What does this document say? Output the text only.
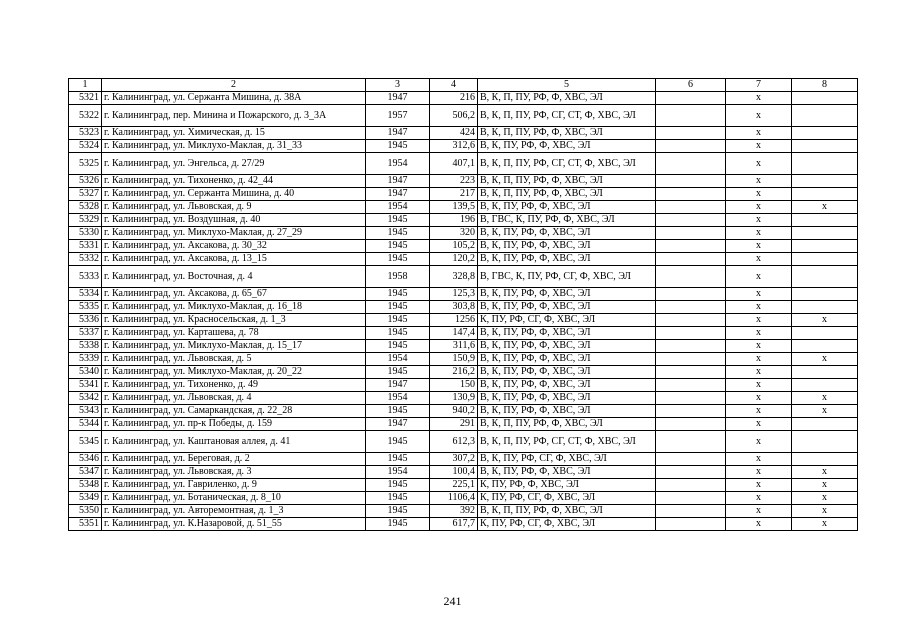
1	2	3	4	5	6	7	8
5321	г. Калининград, ул. Сержанта Мишина, д. 38А	1947	216	В, К, П, ПУ, РФ, Ф, ХВС, ЭЛ		х	
5322	г. Калининград, пер. Минина и Пожарского, д. 3_3А	1957	506,2	В, К, П, ПУ, РФ, СГ, СТ, Ф, ХВС, ЭЛ		х	
5323	г. Калининград, ул. Химическая, д. 15	1947	424	В, К, П, ПУ, РФ, Ф, ХВС, ЭЛ		х	
5324	г. Калининград, ул. Миклухо-Маклая, д. 31_33	1945	312,6	В, К, ПУ, РФ, Ф, ХВС, ЭЛ		х	
5325	г. Калининград, ул. Энгельса, д. 27/29	1954	407,1	В, К, П, ПУ, РФ, СГ, СТ, Ф, ХВС, ЭЛ		х	
5326	г. Калининград, ул. Тихоненко, д. 42_44	1947	223	В, К, П, ПУ, РФ, Ф, ХВС, ЭЛ		х	
5327	г. Калининград, ул. Сержанта Мишина, д. 40	1947	217	В, К, П, ПУ, РФ, Ф, ХВС, ЭЛ		х	
5328	г. Калининград, ул. Львовская, д. 9	1954	139,5	В, К, ПУ, РФ, Ф, ХВС, ЭЛ		х	х
5329	г. Калининград, ул. Воздушная, д. 40	1945	196	В, ГВС, К, ПУ, РФ, Ф, ХВС, ЭЛ		х	
5330	г. Калининград, ул. Миклухо-Маклая, д. 27_29	1945	320	В, К, ПУ, РФ, Ф, ХВС, ЭЛ		х	
5331	г. Калининград, ул. Аксакова, д. 30_32	1945	105,2	В, К, ПУ, РФ, Ф, ХВС, ЭЛ		х	
5332	г. Калининград, ул. Аксакова, д. 13_15	1945	120,2	В, К, ПУ, РФ, Ф, ХВС, ЭЛ		х	
5333	г. Калининград, ул. Восточная, д. 4	1958	328,8	В, ГВС, К, ПУ, РФ, СГ, Ф, ХВС, ЭЛ		х	
5334	г. Калининград, ул. Аксакова, д. 65_67	1945	125,3	В, К, ПУ, РФ, Ф, ХВС, ЭЛ		х	
5335	г. Калининград, ул. Миклухо-Маклая, д. 16_18	1945	303,8	В, К, ПУ, РФ, Ф, ХВС, ЭЛ		х	
5336	г. Калининград, ул. Красносельская, д. 1_3	1945	1256	К, ПУ, РФ, СГ, Ф, ХВС, ЭЛ		х	х
5337	г. Калининград, ул. Карташева, д. 78	1945	147,4	В, К, ПУ, РФ, Ф, ХВС, ЭЛ		х	
5338	г. Калининград, ул. Миклухо-Маклая, д. 15_17	1945	311,6	В, К, ПУ, РФ, Ф, ХВС, ЭЛ		х	
5339	г. Калининград, ул. Львовская, д. 5	1954	150,9	В, К, ПУ, РФ, Ф, ХВС, ЭЛ		х	х
5340	г. Калининград, ул. Миклухо-Маклая, д. 20_22	1945	216,2	В, К, ПУ, РФ, Ф, ХВС, ЭЛ		х	
5341	г. Калининград, ул. Тихоненко, д. 49	1947	150	В, К, ПУ, РФ, Ф, ХВС, ЭЛ		х	
5342	г. Калининград, ул. Львовская, д. 4	1954	130,9	В, К, ПУ, РФ, Ф, ХВС, ЭЛ		х	х
5343	г. Калининград, ул. Самаркандская, д. 22_28	1945	940,2	В, К, ПУ, РФ, Ф, ХВС, ЭЛ		х	х
5344	г. Калининград, ул. пр-к Победы, д. 159	1947	291	В, К, П, ПУ, РФ, Ф, ХВС, ЭЛ		х	
5345	г. Калининград, ул. Каштановая аллея, д. 41	1945	612,3	В, К, П, ПУ, РФ, СГ, СТ, Ф, ХВС, ЭЛ		х	
5346	г. Калининград, ул. Береговая, д. 2	1945	307,2	В, К, ПУ, РФ, СГ, Ф, ХВС, ЭЛ		х	
5347	г. Калининград, ул. Львовская, д. 3	1954	100,4	В, К, ПУ, РФ, Ф, ХВС, ЭЛ		х	х
5348	г. Калининград, ул. Гавриленко, д. 9	1945	225,1	К, ПУ, РФ, Ф, ХВС, ЭЛ		х	х
5349	г. Калининград, ул. Ботаническая, д. 8_10	1945	1106,4	К, ПУ, РФ, СГ, Ф, ХВС, ЭЛ		х	х
5350	г. Калининград, ул. Авторемонтная, д. 1_3	1945	392	В, К, П, ПУ, РФ, Ф, ХВС, ЭЛ		х	х
5351	г. Калининград, ул. К.Назаровой, д. 51_55	1945	617,7	К, ПУ, РФ, СГ, Ф, ХВС, ЭЛ		х	х
241
